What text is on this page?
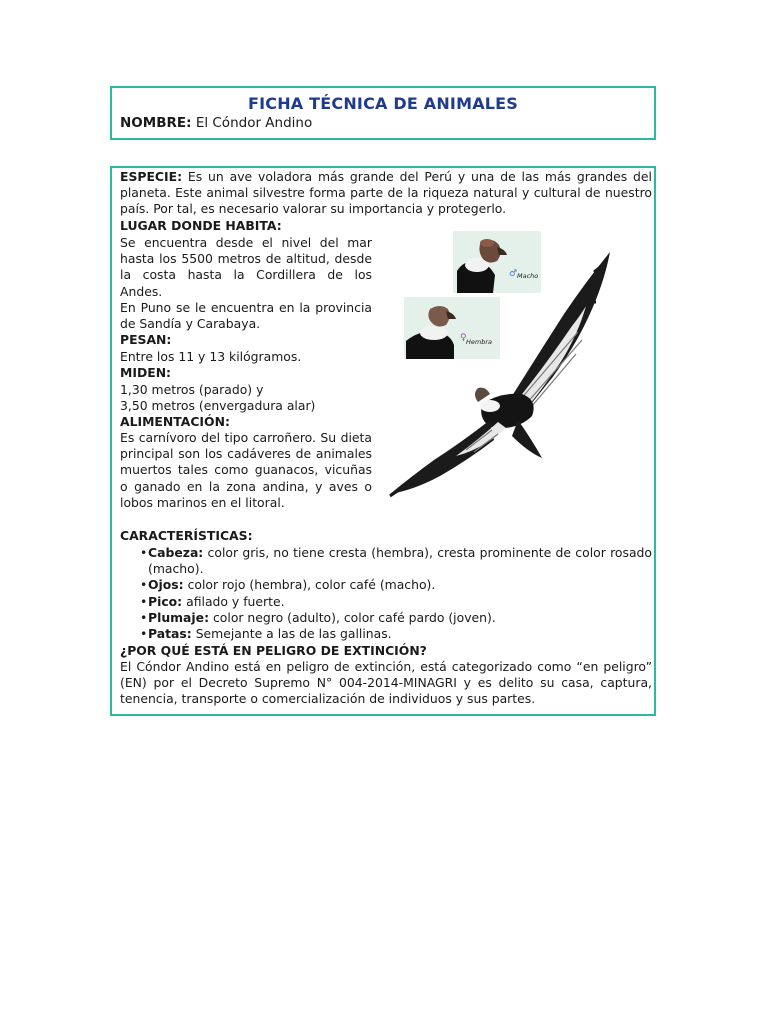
FICHA TÉCNICA DE ANIMALES
NOMBRE: El Cóndor Andino
ESPECIE: Es un ave voladora más grande del Perú y una de las más grandes del planeta. Este animal silvestre forma parte de la riqueza natural y cultural de nuestro país. Por tal, es necesario valorar su importancia y protegerlo.
LUGAR DONDE HABITA:
Se encuentra desde el nivel del mar hasta los 5500 metros de altitud, desde la costa hasta la Cordillera de los Andes.
En Puno se le encuentra en la provincia de Sandía y Carabaya.
PESAN:
Entre los 11 y 13 kilógramos.
MIDEN:
1,30 metros (parado) y
3,50 metros (envergadura alar)
ALIMENTACIÓN:
Es carnívoro del tipo carroñero. Su dieta principal son los cadáveres de animales muertos tales como guanacos, vicuñas o ganado en la zona andina, y aves o lobos marinos en el litoral.
CARACTERÍSTICAS:
• Cabeza: color gris, no tiene cresta (hembra), cresta prominente de color rosado (macho).
• Ojos: color rojo (hembra), color café (macho).
• Pico: afilado y fuerte.
• Plumaje: color negro (adulto), color café pardo (joven).
• Patas: Semejante a las de las gallinas.
¿POR QUÉ ESTÁ EN PELIGRO DE EXTINCIÓN?
El Cóndor Andino está en peligro de extinción, está categorizado como “en peligro” (EN) por el Decreto Supremo N° 004-2014-MINAGRI y es delito su casa, captura, tenencia, transporte o comercialización de individuos y sus partes.
♂ Macho
♀ Hembra
